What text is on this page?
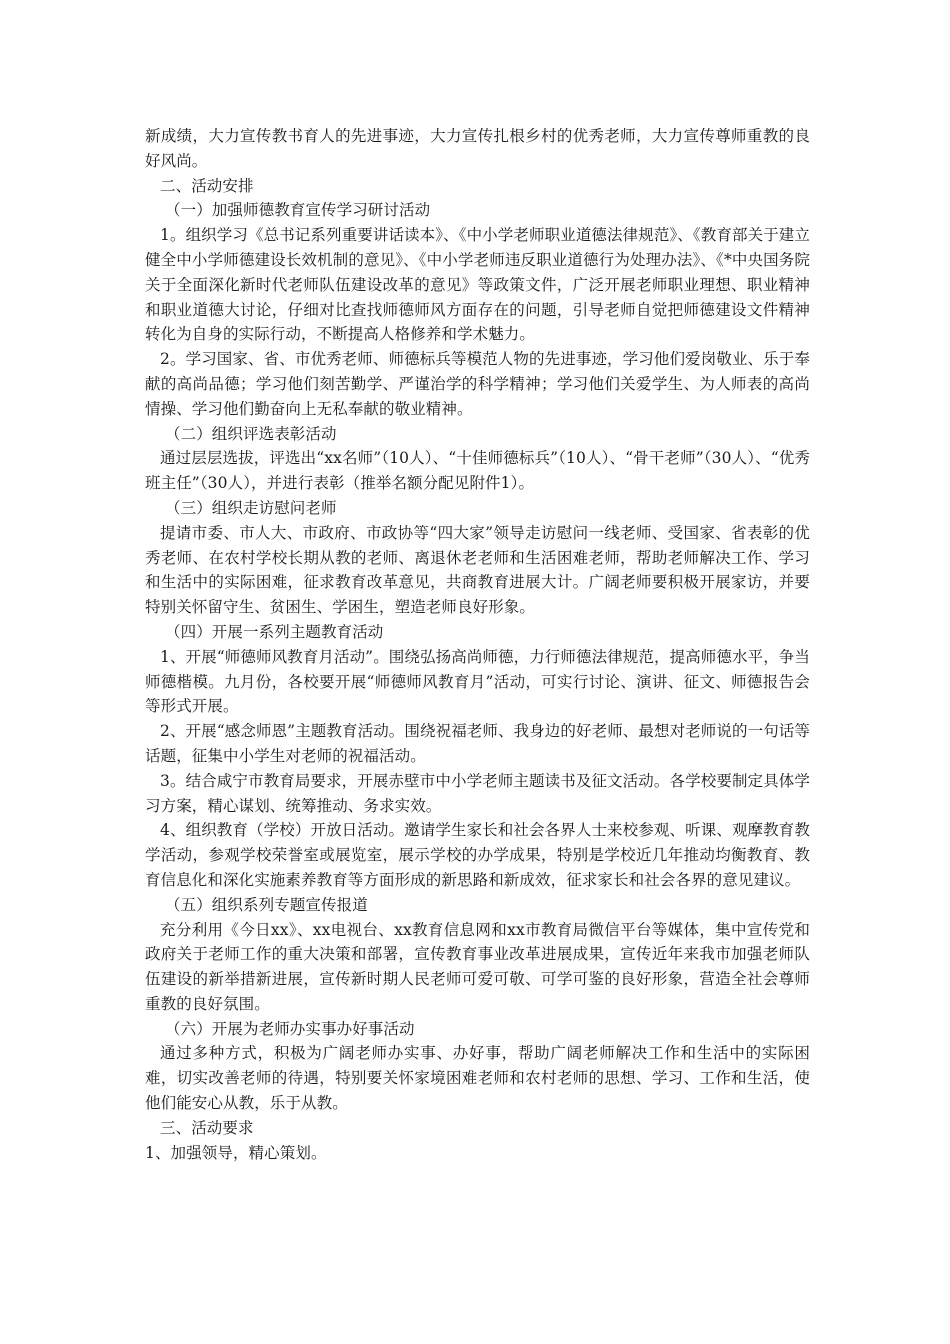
新成绩，大力宣传教书育人的先进事迹，大力宣传扎根乡村的优秀老师，大力宣传尊师重教的良好风尚。

二、活动安排

（一）加强师德教育宣传学习研讨活动

1。组织学习《总书记系列重要讲话读本》、《中小学老师职业道德法律规范》、《教育部关于建立健全中小学师德建设长效机制的意见》、《中小学老师违反职业道德行为处理办法》、《*中央国务院关于全面深化新时代老师队伍建设改革的意见》等政策文件，广泛开展老师职业理想、职业精神和职业道德大讨论，仔细对比查找师德师风方面存在的问题，引导老师自觉把师德建设文件精神转化为自身的实际行动，不断提高人格修养和学术魅力。

2。学习国家、省、市优秀老师、师德标兵等模范人物的先进事迹，学习他们爱岗敬业、乐于奉献的高尚品德；学习他们刻苦勤学、严谨治学的科学精神；学习他们关爱学生、为人师表的高尚情操、学习他们勤奋向上无私奉献的敬业精神。

（二）组织评选表彰活动

通过层层选拔，评选出“xx名师”（10人）、“十佳师德标兵”（10人）、“骨干老师”（30人）、“优秀班主任”（30人），并进行表彰（推举名额分配见附件1）。

（三）组织走访慰问老师

提请市委、市人大、市政府、市政协等“四大家”领导走访慰问一线老师、受国家、省表彰的优秀老师、在农村学校长期从教的老师、离退休老老师和生活困难老师，帮助老师解决工作、学习和生活中的实际困难，征求教育改革意见，共商教育进展大计。广阔老师要积极开展家访，并要特别关怀留守生、贫困生、学困生，塑造老师良好形象。

（四）开展一系列主题教育活动

1、开展“师德师风教育月活动”。围绕弘扬高尚师德，力行师德法律规范，提高师德水平，争当师德楷模。九月份，各校要开展“师德师风教育月”活动，可实行讨论、演讲、征文、师德报告会等形式开展。

2、开展“感念师恩”主题教育活动。围绕祝福老师、我身边的好老师、最想对老师说的一句话等话题，征集中小学生对老师的祝福活动。

3。结合咸宁市教育局要求，开展赤壁市中小学老师主题读书及征文活动。各学校要制定具体学习方案，精心谋划、统筹推动、务求实效。

4、组织教育（学校）开放日活动。邀请学生家长和社会各界人士来校参观、听课、观摩教育教学活动，参观学校荣誉室或展览室，展示学校的办学成果，特别是学校近几年推动均衡教育、教育信息化和深化实施素养教育等方面形成的新思路和新成效，征求家长和社会各界的意见建议。

（五）组织系列专题宣传报道

充分利用《今日xx》、xx电视台、xx教育信息网和xx市教育局微信平台等媒体，集中宣传党和政府关于老师工作的重大决策和部署，宣传教育事业改革进展成果，宣传近年来我市加强老师队伍建设的新举措新进展，宣传新时期人民老师可爱可敬、可学可鉴的良好形象，营造全社会尊师重教的良好氛围。

（六）开展为老师办实事办好事活动

通过多种方式，积极为广阔老师办实事、办好事，帮助广阔老师解决工作和生活中的实际困难，切实改善老师的待遇，特别要关怀家境困难老师和农村老师的思想、学习、工作和生活，使他们能安心从教，乐于从教。

三、活动要求

1、加强领导，精心策划。
